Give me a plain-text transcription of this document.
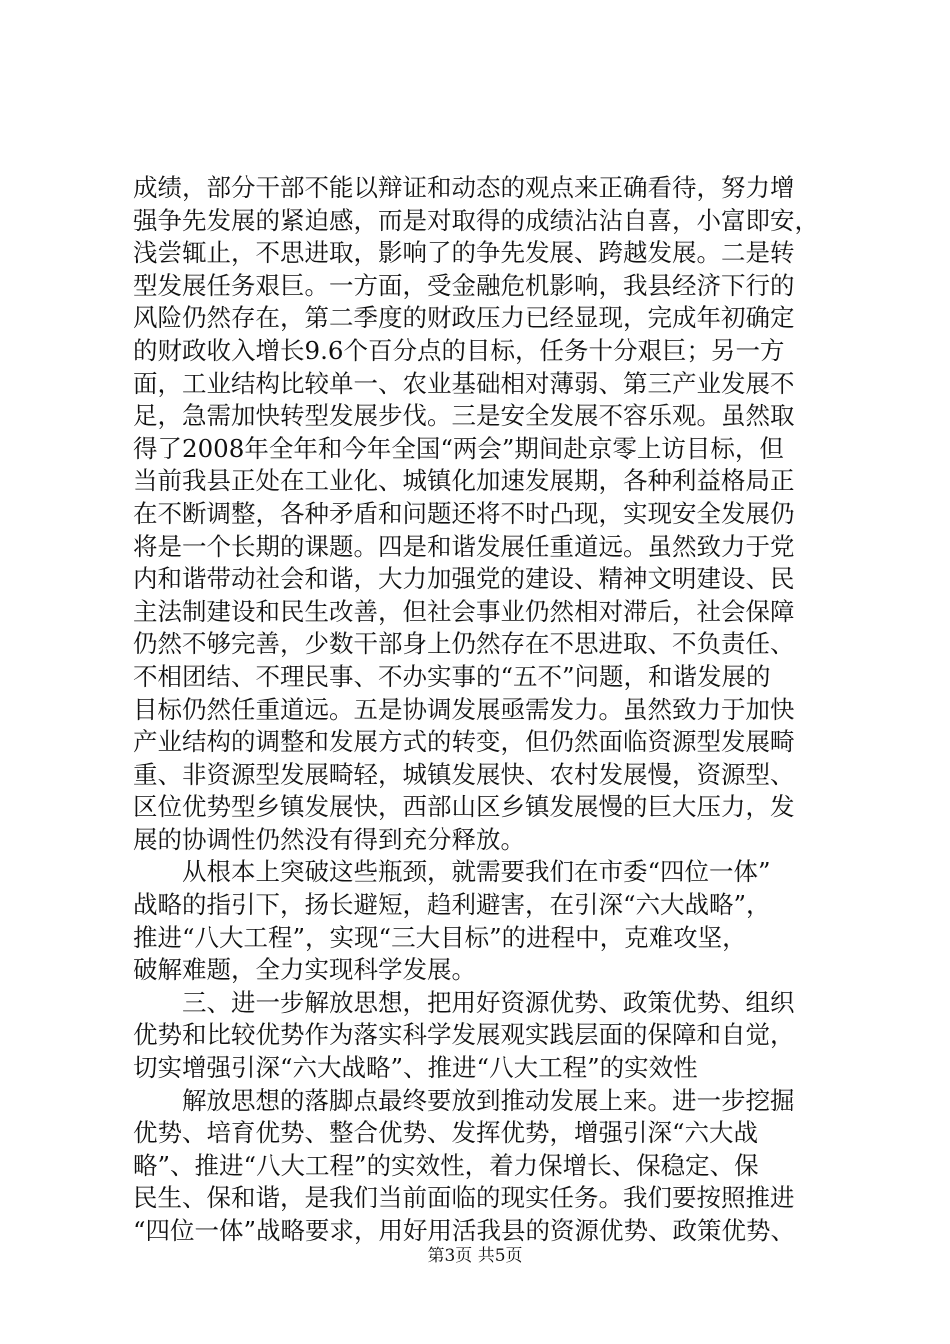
成绩，部分干部不能以辩证和动态的观点来正确看待，努力增
强争先发展的紧迫感，而是对取得的成绩沾沾自喜，小富即安，
浅尝辄止，不思进取，影响了的争先发展、跨越发展。二是转
型发展任务艰巨。一方面，受金融危机影响，我县经济下行的
风险仍然存在，第二季度的财政压力已经显现，完成年初确定
的财政收入增长9.6个百分点的目标，任务十分艰巨；另一方
面，工业结构比较单一、农业基础相对薄弱、第三产业发展不
足，急需加快转型发展步伐。三是安全发展不容乐观。虽然取
得了2008年全年和今年全国“两会”期间赴京零上访目标，但
当前我县正处在工业化、城镇化加速发展期，各种利益格局正
在不断调整，各种矛盾和问题还将不时凸现，实现安全发展仍
将是一个长期的课题。四是和谐发展任重道远。虽然致力于党
内和谐带动社会和谐，大力加强党的建设、精神文明建设、民
主法制建设和民生改善，但社会事业仍然相对滞后，社会保障
仍然不够完善，少数干部身上仍然存在不思进取、不负责任、
不相团结、不理民事、不办实事的“五不”问题，和谐发展的
目标仍然任重道远。五是协调发展亟需发力。虽然致力于加快
产业结构的调整和发展方式的转变，但仍然面临资源型发展畸
重、非资源型发展畸轻，城镇发展快、农村发展慢，资源型、
区位优势型乡镇发展快，西部山区乡镇发展慢的巨大压力，发
展的协调性仍然没有得到充分释放。
　　从根本上突破这些瓶颈，就需要我们在市委“四位一体”
战略的指引下，扬长避短，趋利避害，在引深“六大战略”，
推进“八大工程”，实现“三大目标”的进程中，克难攻坚，
破解难题，全力实现科学发展。
　　三、进一步解放思想，把用好资源优势、政策优势、组织
优势和比较优势作为落实科学发展观实践层面的保障和自觉，
切实增强引深“六大战略”、推进“八大工程”的实效性
　　解放思想的落脚点最终要放到推动发展上来。进一步挖掘
优势、培育优势、整合优势、发挥优势，增强引深“六大战
略”、推进“八大工程”的实效性，着力保增长、保稳定、保
民生、保和谐，是我们当前面临的现实任务。我们要按照推进
“四位一体”战略要求，用好用活我县的资源优势、政策优势、
第3页 共5页
